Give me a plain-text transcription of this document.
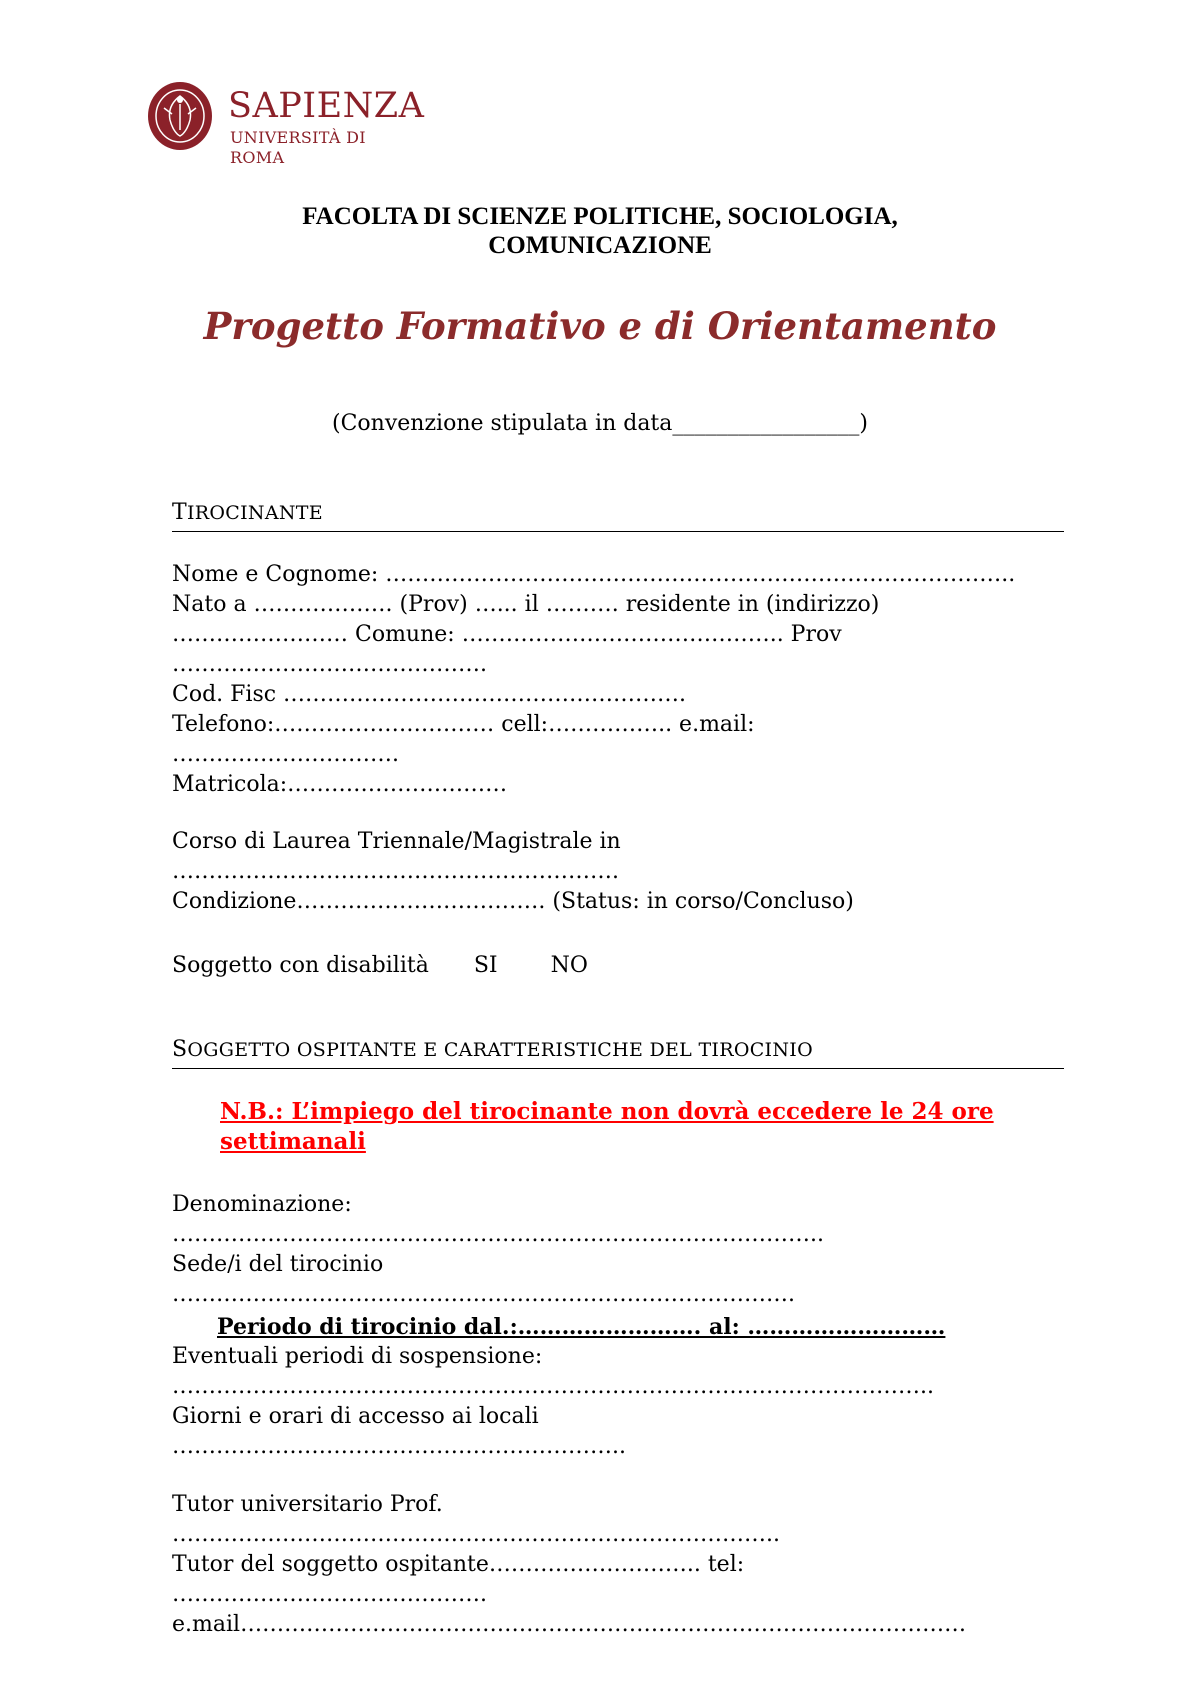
SAPIENZA
UNIVERSITÀ DI ROMA
FACOLTA DI SCIENZE POLITICHE, SOCIOLOGIA,
COMUNICAZIONE
Progetto Formativo e di Orientamento
(Convenzione stipulata in data_________________)
TIROCINANTE
Nome e Cognome: …………………………………………………………………………..
Nato a ………………. (Prov) …... il ………. residente in (indirizzo)
…………………… Comune: …………………………………….. Prov
…………………………………….
Cod. Fisc ……………………………………………….
Telefono:………………………… cell:…………….. e.mail:
………………………….
Matricola:…………………………
Corso di Laurea Triennale/Magistrale in
…………………………………………………….
Condizione……………………………. (Status: in corso/Concluso)
Soggetto con disabilità SI NO
SOGGETTO OSPITANTE E CARATTERISTICHE DEL TIROCINIO
N.B.: L’impiego del tirocinante non dovrà eccedere le 24 ore
settimanali
Denominazione:
……………………………………………………………………………..
Sede/i del tirocinio
………………………………………………………………………….
Periodo di tirocinio dal.:……………………. al: ………………………
Eventuali periodi di sospensione:
…………………………………………………………………………………………..
Giorni e orari di accesso ai locali
……………………………………………………..
Tutor universitario Prof.
………………………………………………………………………..
Tutor del soggetto ospitante……………………….. tel:
…………………………………….
e.mail………………………………………………………………………………………
